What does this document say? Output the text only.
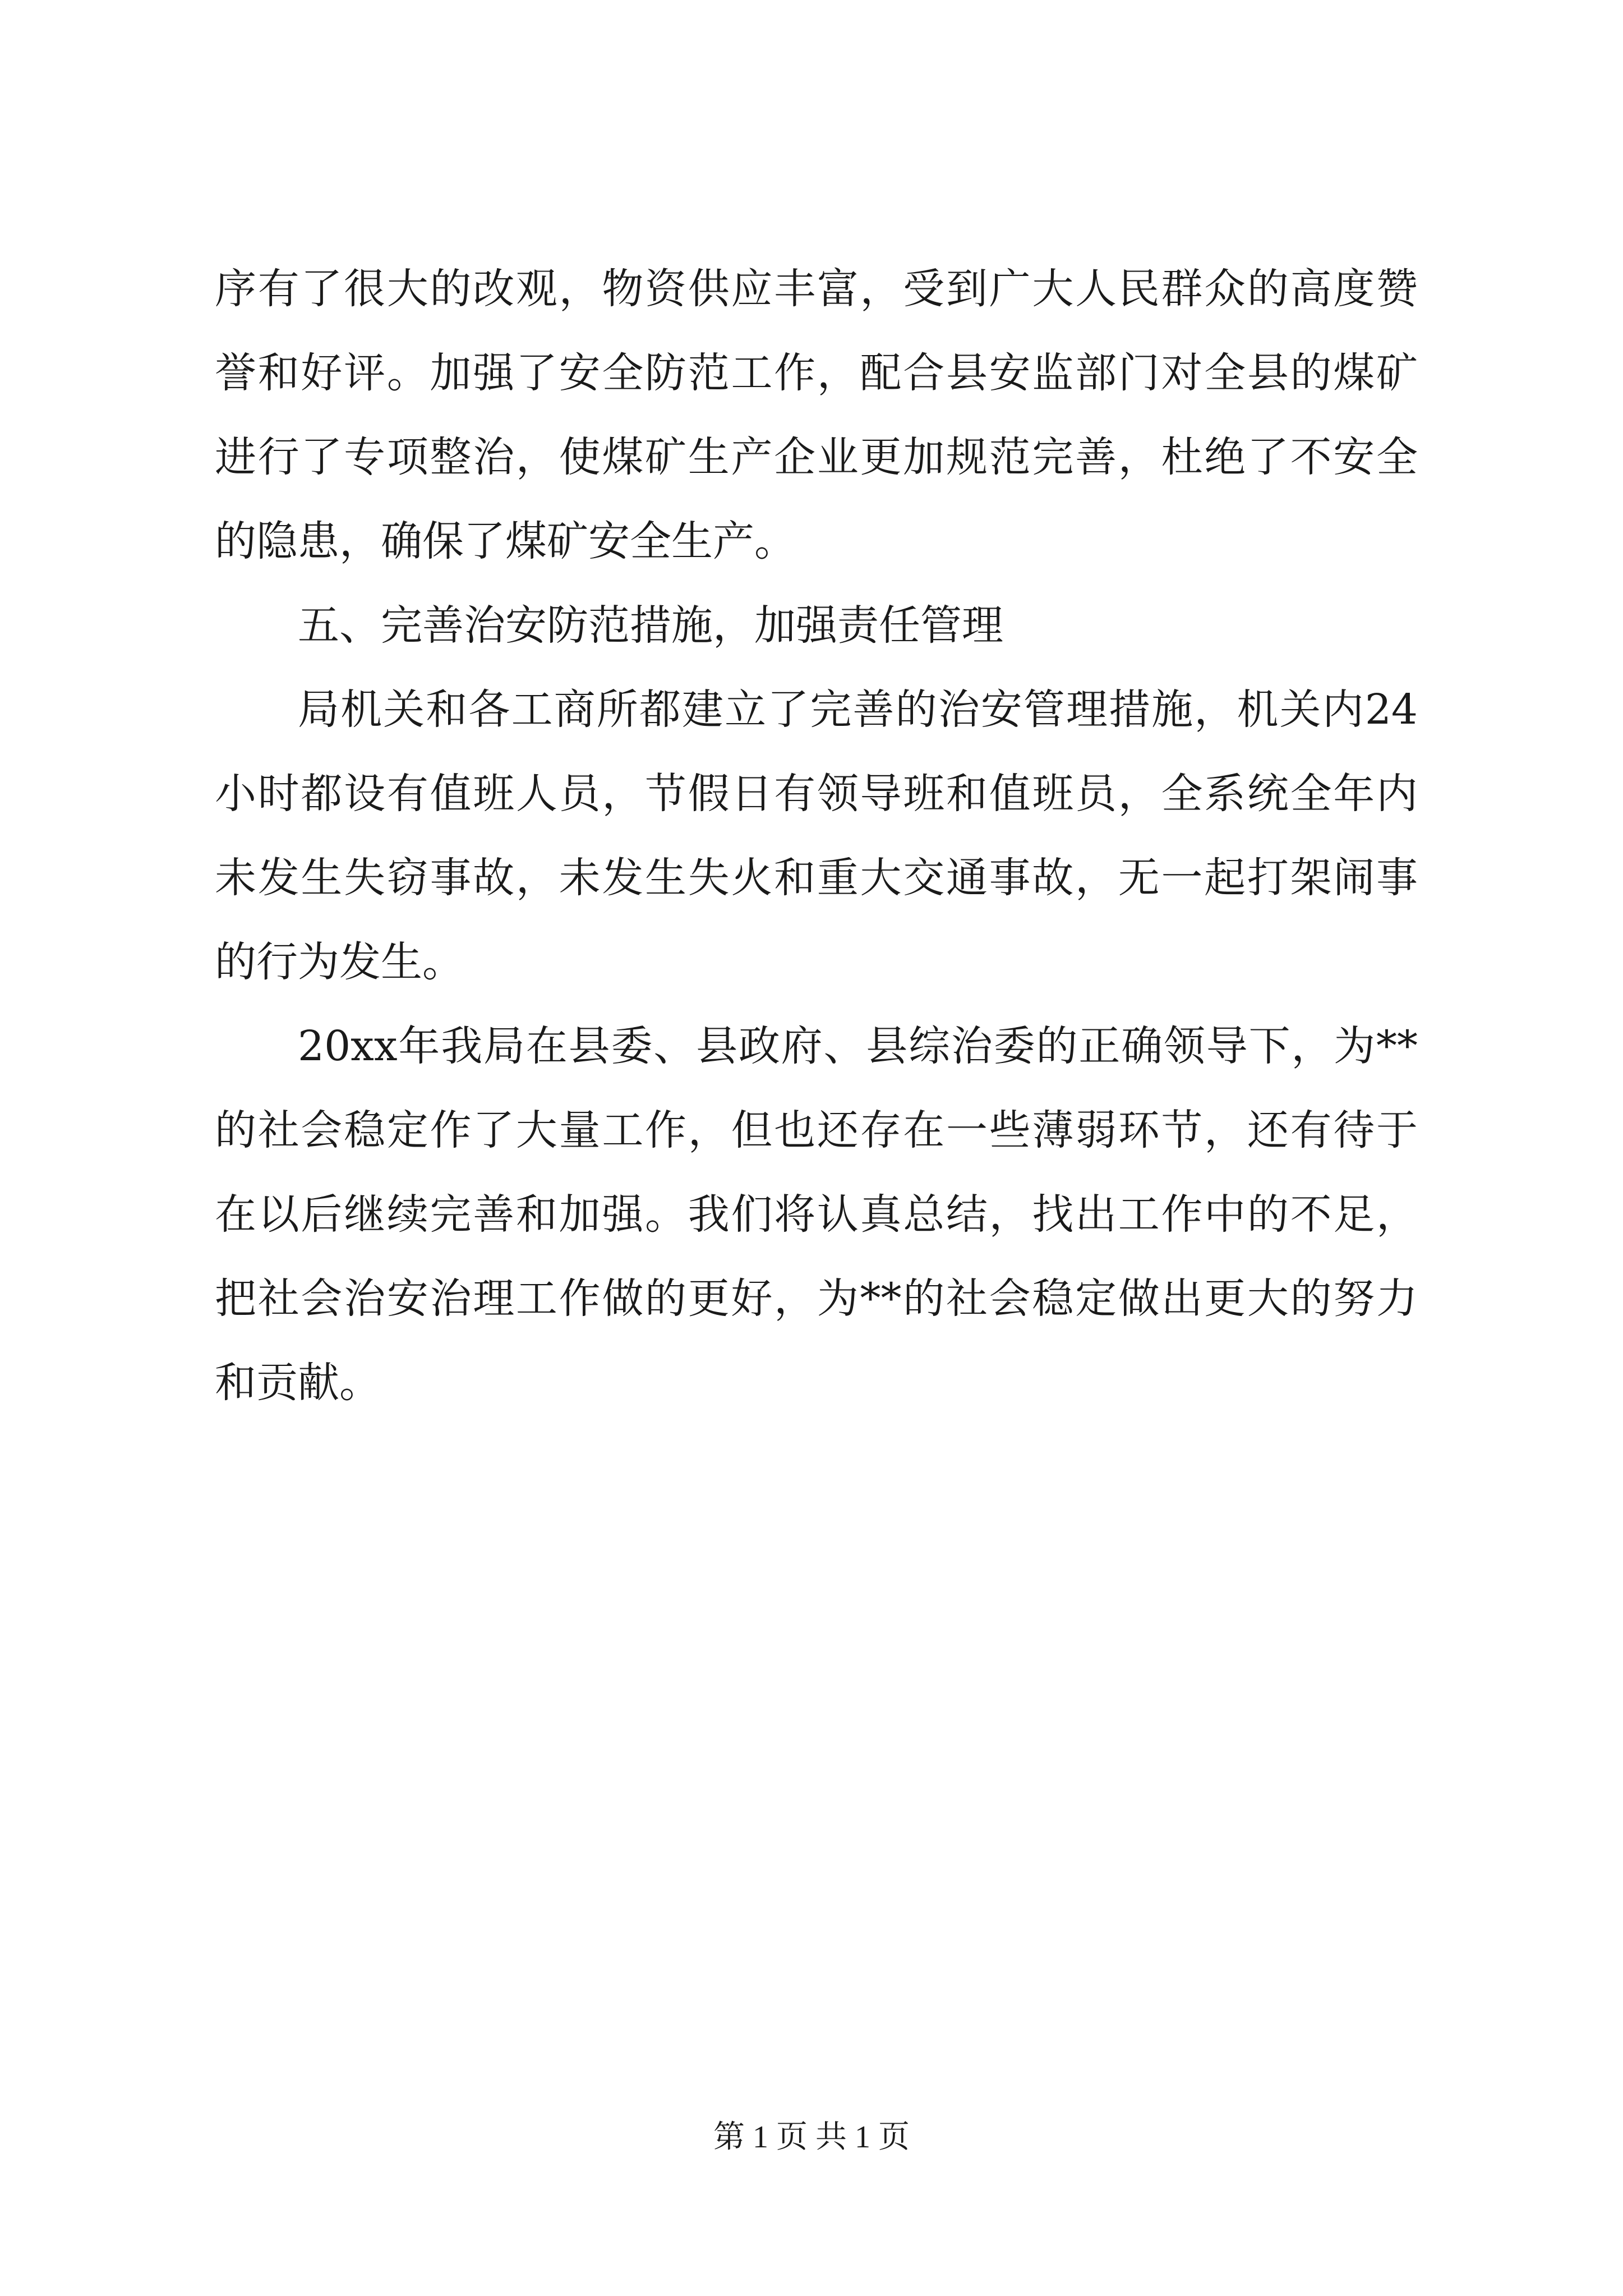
序有了很大的改观，物资供应丰富，受到广大人民群众的高度赞誉和好评。加强了安全防范工作，配合县安监部门对全县的煤矿进行了专项整治，使煤矿生产企业更加规范完善，杜绝了不安全的隐患，确保了煤矿安全生产。

五、完善治安防范措施，加强责任管理

局机关和各工商所都建立了完善的治安管理措施，机关内24小时都设有值班人员，节假日有领导班和值班员，全系统全年内未发生失窃事故，未发生失火和重大交通事故，无一起打架闹事的行为发生。

20xx年我局在县委、县政府、县综治委的正确领导下，为**的社会稳定作了大量工作，但也还存在一些薄弱环节，还有待于在以后继续完善和加强。我们将认真总结，找出工作中的不足，把社会治安治理工作做的更好，为**的社会稳定做出更大的努力和贡献。

第 1 页 共 1 页
